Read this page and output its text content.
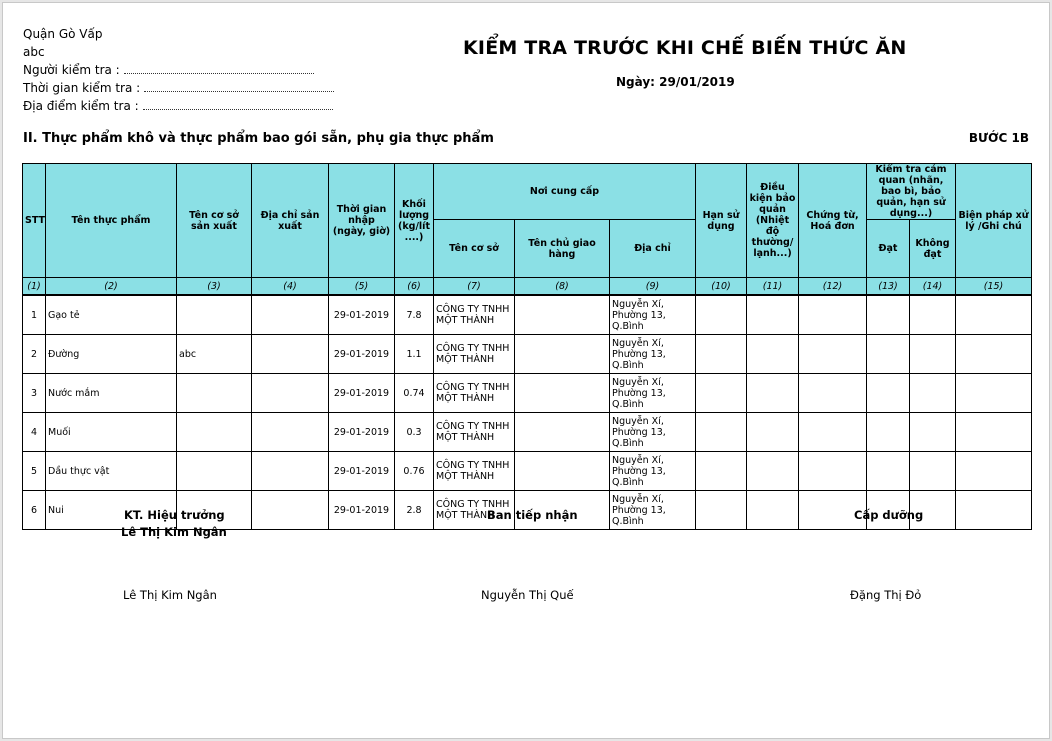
Quận Gò Vấp
abc
Người kiểm tra :
Thời gian kiểm tra :
Địa điểm kiểm tra :
KIỂM TRA TRƯỚC KHI CHẾ BIẾN THỨC ĂN
Ngày: 29/01/2019
II. Thực phẩm khô và thực phẩm bao gói sẵn, phụ gia thực phẩm	BƯỚC 1B
STT	Tên thực phẩm	Tên cơ sở sản xuất	Địa chỉ sản xuất	Thời gian nhập (ngày, giờ)	Khối lượng (kg/lít ....)	Nơi cung cấp			Hạn sử dụng	Điều kiện bảo quản (Nhiệt độ thường/ lạnh...)	Chứng từ, Hoá đơn	Kiểm tra cảm quan (nhãn, bao bì, bảo quản, hạn sử dụng...)		Biện pháp xử lý /Ghi chú
						Tên cơ sở	Tên chủ giao hàng	Địa chỉ				Đạt	Không đạt	
(1)	(2)	(3)	(4)	(5)	(6)	(7)	(8)	(9)	(10)	(11)	(12)	(13)	(14)	(15)
1	Gạo tẻ			29-01-2019	7.8	CÔNG TY TNHH MỘT THÀNH		Nguyễn Xí, Phường 13, Q.Bình						
2	Đường	abc		29-01-2019	1.1	CÔNG TY TNHH MỘT THÀNH		Nguyễn Xí, Phường 13, Q.Bình						
3	Nước mắm			29-01-2019	0.74	CÔNG TY TNHH MỘT THÀNH		Nguyễn Xí, Phường 13, Q.Bình						
4	Muối			29-01-2019	0.3	CÔNG TY TNHH MỘT THÀNH		Nguyễn Xí, Phường 13, Q.Bình						
5	Dầu thực vật			29-01-2019	0.76	CÔNG TY TNHH MỘT THÀNH		Nguyễn Xí, Phường 13, Q.Bình						
6	Nui			29-01-2019	2.8	CÔNG TY TNHH MỘT THÀNH		Nguyễn Xí, Phường 13, Q.Bình						
KT. Hiệu trưởng
Lê Thị Kim Ngân
Ban tiếp nhận	Cấp dưỡng
Lê Thị Kim Ngân	Nguyễn Thị Quế	Đặng Thị Đỏ
